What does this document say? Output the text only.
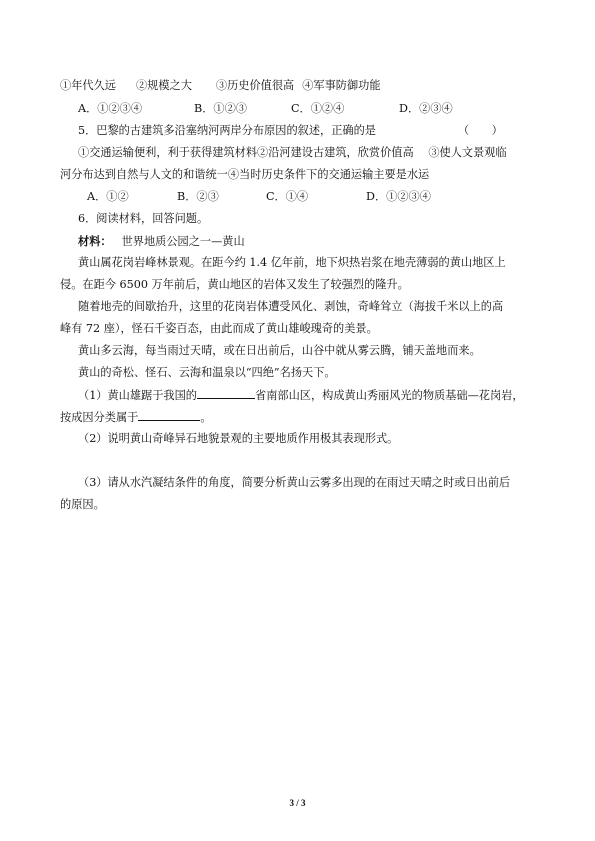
①年代久远 ②规模之大 ③历史价值很高 ④军事防御功能
A．①②③④	B．①②③	C．①②④	D．②③④
5．巴黎的古建筑多沿塞纳河两岸分布原因的叙述，正确的是	（　　）
①交通运输便利，利于获得建筑材料②沿河建设古建筑，欣赏价值高　 ③使人文景观临
河分布达到自然与人文的和谐统一④当时历史条件下的交通运输主要是水运
A．①②	B．②③	C．①④	D．①②③④
6．阅读材料，回答问题。
材料： 世界地质公园之一—黄山
黄山属花岗岩峰林景观。在距今约 1.4 亿年前，地下炽热岩浆在地壳薄弱的黄山地区上
侵。在距今 6500 万年前后，黄山地区的岩体又发生了较强烈的隆升。
随着地壳的间歇抬升，这里的花岗岩体遭受风化、剥蚀，奇峰耸立（海拔千米以上的高
峰有 72 座），怪石千姿百态，由此而成了黄山雄峻瑰奇的美景。
黄山多云海，每当雨过天晴，或在日出前后，山谷中就从雾云腾，铺天盖地而来。
黄山的奇松、怪石、云海和温泉以“四绝”名扬天下。
（1）黄山雄踞于我国的	省南部山区，构成黄山秀丽风光的物质基础—花岗岩，
按成因分类属于	。
（2）说明黄山奇峰异石地貌景观的主要地质作用极其表现形式。
（3）请从水汽凝结条件的角度，简要分析黄山云雾多出现的在雨过天晴之时或日出前后
的原因。
3 / 3
